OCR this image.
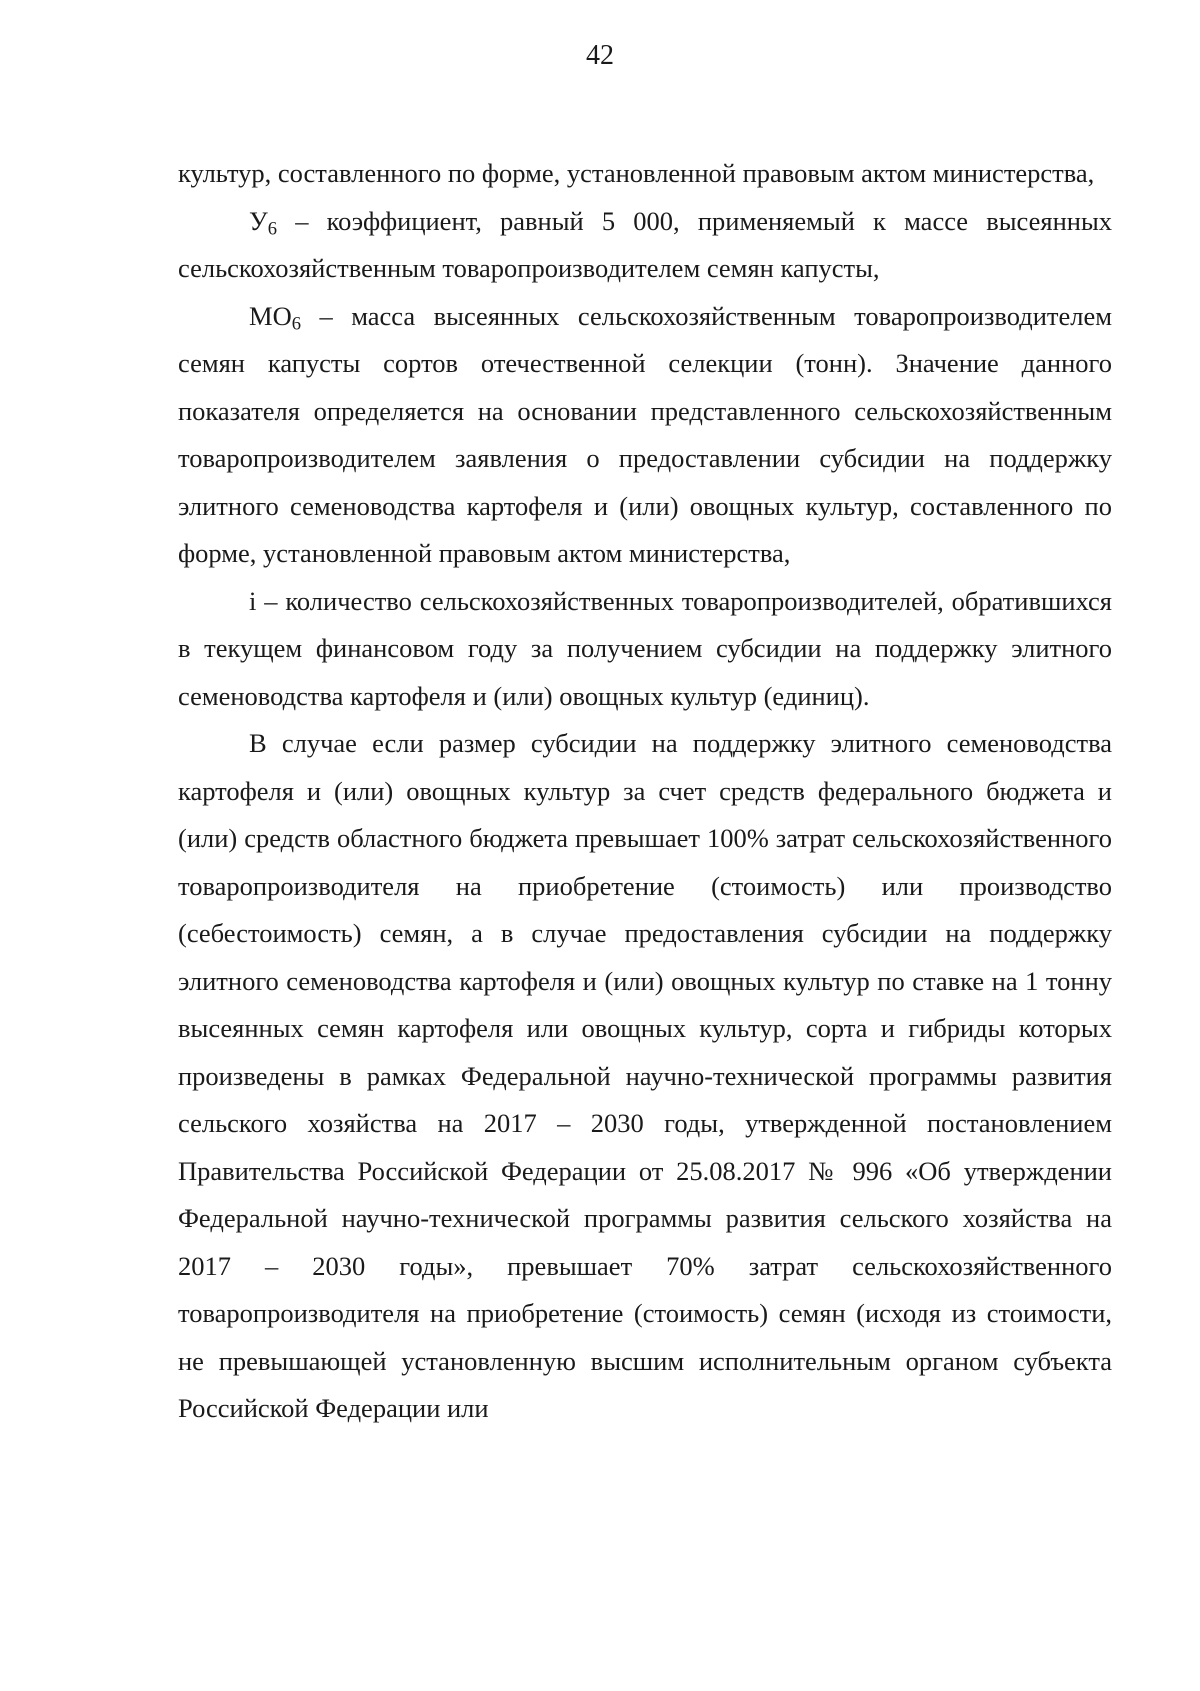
42

культур, составленного по форме, установленной правовым актом министерства,

$У_6$ – коэффициент, равный 5 000, применяемый к массе высеянных сельскохозяйственным товаропроизводителем семян капусты,

$МО_6$ – масса высеянных сельскохозяйственным товаропроизводителем семян капусты сортов отечественной селекции (тонн). Значение данного показателя определяется на основании представленного сельскохозяйственным товаропроизводителем заявления о предоставлении субсидии на поддержку элитного семеноводства картофеля и (или) овощных культур, составленного по форме, установленной правовым актом министерства,

i – количество сельскохозяйственных товаропроизводителей, обратившихся в текущем финансовом году за получением субсидии на поддержку элитного семеноводства картофеля и (или) овощных культур (единиц).

В случае если размер субсидии на поддержку элитного семеноводства картофеля и (или) овощных культур за счет средств федерального бюджета и (или) средств областного бюджета превышает 100% затрат сельскохозяйственного товаропроизводителя на приобретение (стоимость) или производство (себестоимость) семян, а в случае предоставления субсидии на поддержку элитного семеноводства картофеля и (или) овощных культур по ставке на 1 тонну высеянных семян картофеля или овощных культур, сорта и гибриды которых произведены в рамках Федеральной научно-технической программы развития сельского хозяйства на 2017 – 2030 годы, утвержденной постановлением Правительства Российской Федерации от 25.08.2017 № 996 «Об утверждении Федеральной научно-технической программы развития сельского хозяйства на 2017 – 2030 годы», превышает 70% затрат сельскохозяйственного товаропроизводителя на приобретение (стоимость) семян (исходя из стоимости, не превышающей установленную высшим исполнительным органом субъекта Российской Федерации или
